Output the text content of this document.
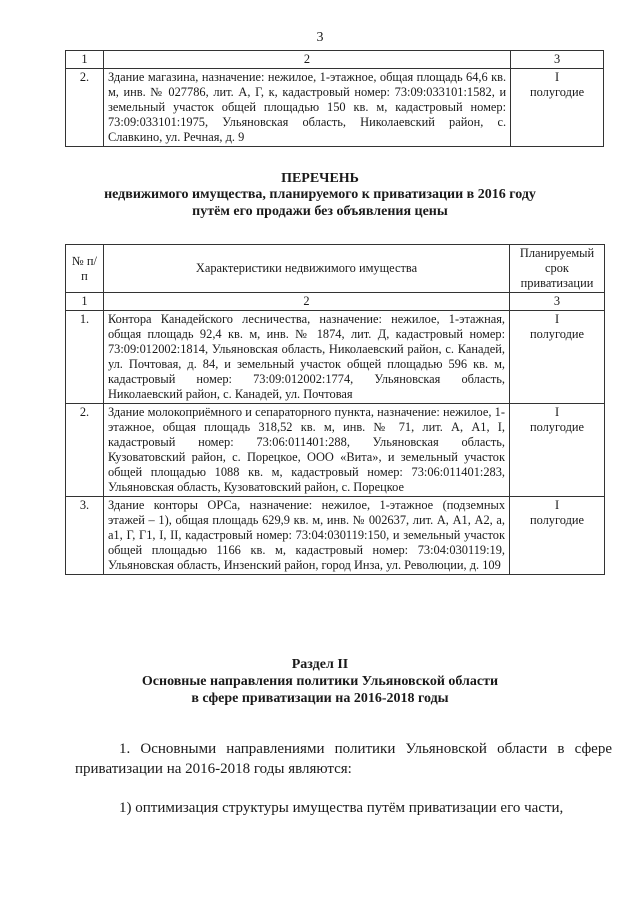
3
1	2	3
2.	Здание магазина, назначение: нежилое, 1-этажное, общая площадь 64,6 кв. м, инв. № 027786, лит. А, Г, к, кадастровый номер: 73:09:033101:1582, и земельный участок общей площадью 150 кв. м, кадастровый номер: 73:09:033101:1975, Ульяновская область, Николаевский район, с. Славкино, ул. Речная, д. 9	I
полугодие
ПЕРЕЧЕНЬ
недвижимого имущества, планируемого к приватизации в 2016 году
путём его продажи без объявления цены
№ п/п	Характеристики недвижимого имущества	Планируемый срок приватизации
1	2	3
1.	Контора Канадейского лесничества, назначение: нежилое, 1-этажная, общая площадь 92,4 кв. м, инв. № 1874, лит. Д, кадастровый номер: 73:09:012002:1814, Ульяновская область, Николаевский район, с. Канадей, ул. Почтовая, д. 84, и земельный участок общей площадью 596 кв. м, кадастровый номер: 73:09:012002:1774, Ульяновская область, Николаевский район, с. Канадей, ул. Почтовая	I
полугодие

2.	Здание молокоприёмного и сепараторного пункта, назначение: нежилое, 1-этажное, общая площадь 318,52 кв. м, инв. № 71, лит. А, А1, I, кадастровый номер: 73:06:011401:288, Ульяновская область, Кузоватовский район, с. Порецкое, ООО «Вита», и земельный участок общей площадью 1088 кв. м, кадастровый номер: 73:06:011401:283, Ульяновская область, Кузоватовский район, с. Порецкое	I
полугодие

3.	Здание конторы ОРСа, назначение: нежилое, 1-этажное (подземных этажей – 1), общая площадь 629,9 кв. м, инв. № 002637, лит. А, А1, А2, а, а1, Г, Г1, I, II, кадастровый номер: 73:04:030119:150, и земельный участок общей площадью 1166 кв. м, кадастровый номер: 73:04:030119:19, Ульяновская область, Инзенский район, город Инза, ул. Революции, д. 109	I
полугодие
Раздел II
Основные направления политики Ульяновской области
в сфере приватизации на 2016-2018 годы
1. Основными направлениями политики Ульяновской области в сфере приватизации на 2016-2018 годы являются:
1) оптимизация структуры имущества путём приватизации его части,
